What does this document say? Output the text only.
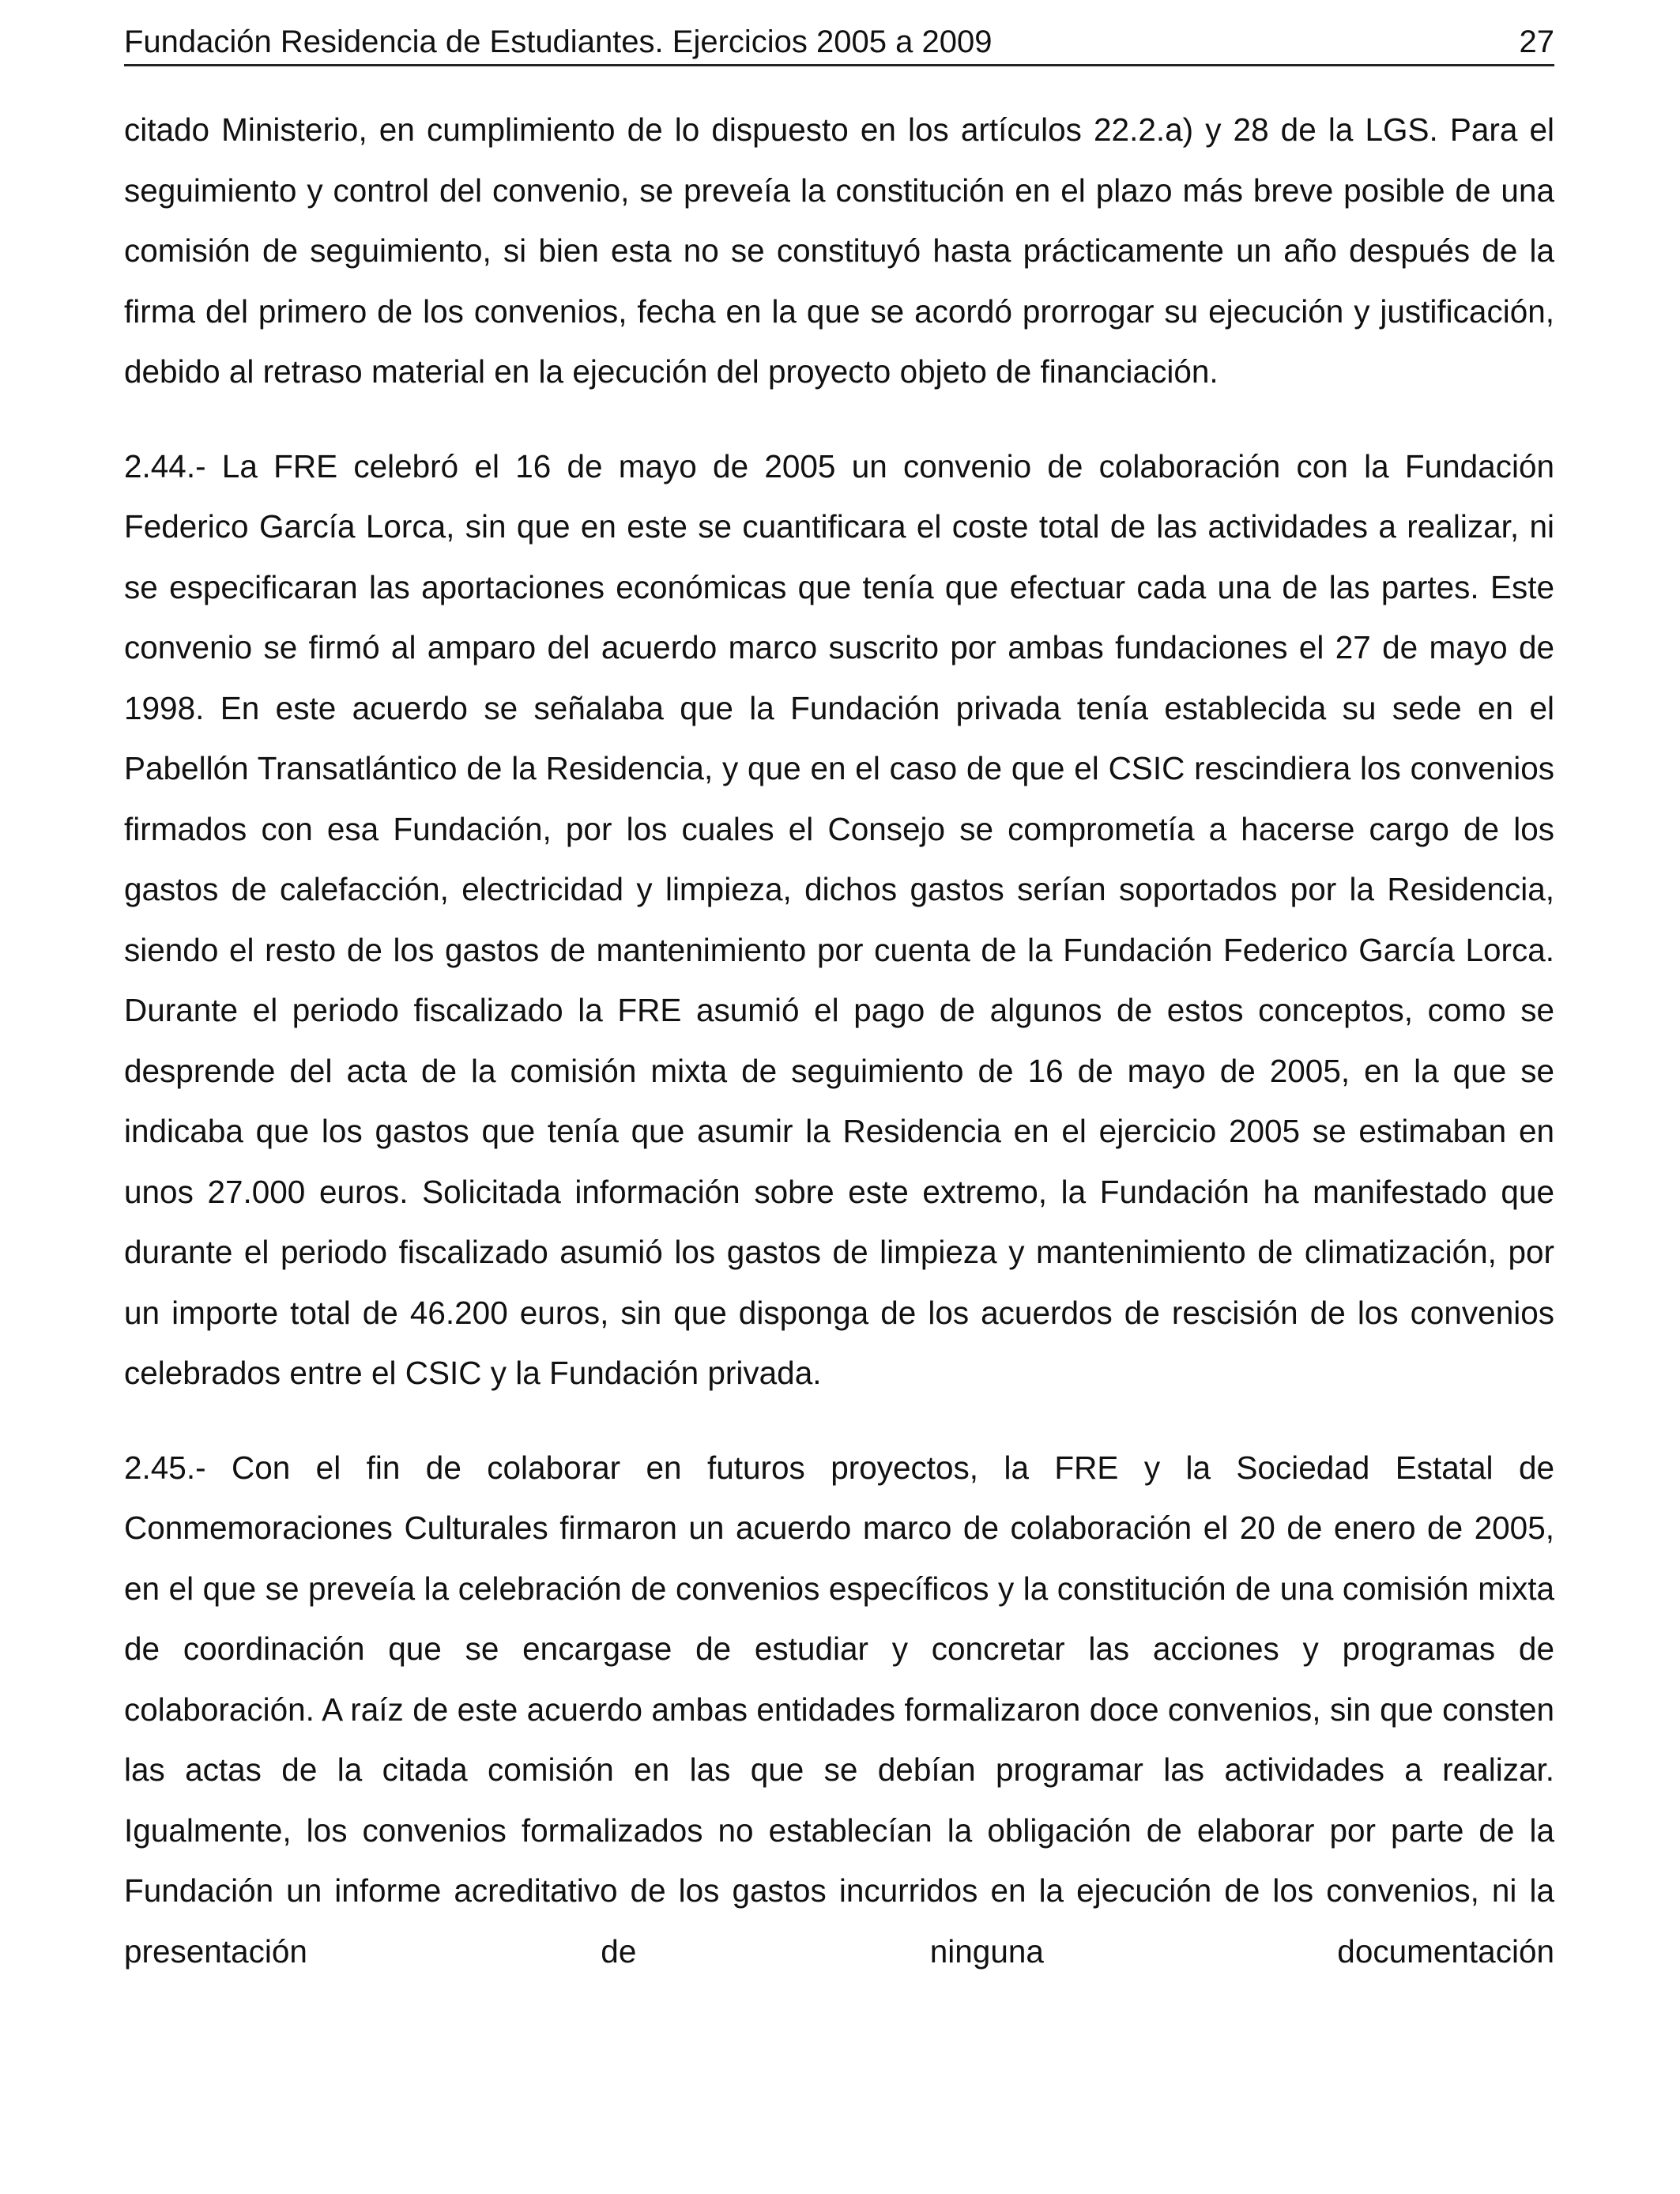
Fundación Residencia de Estudiantes. Ejercicios 2005 a 2009	27

citado Ministerio, en cumplimiento de lo dispuesto en los artículos 22.2.a) y 28 de la LGS. Para el seguimiento y control del convenio, se preveía la constitución en el plazo más breve posible de una comisión de seguimiento, si bien esta no se constituyó hasta prácticamente un año después de la firma del primero de los convenios, fecha en la que se acordó prorrogar su ejecución y justificación, debido al retraso material en la ejecución del proyecto objeto de financiación.

2.44.- La FRE celebró el 16 de mayo de 2005 un convenio de colaboración con la Fundación Federico García Lorca, sin que en este se cuantificara el coste total de las actividades a realizar, ni se especificaran las aportaciones económicas que tenía que efectuar cada una de las partes. Este convenio se firmó al amparo del acuerdo marco suscrito por ambas fundaciones el 27 de mayo de 1998. En este acuerdo se señalaba que la Fundación privada tenía establecida su sede en el Pabellón Transatlántico de la Residencia, y que en el caso de que el CSIC rescindiera los convenios firmados con esa Fundación, por los cuales el Consejo se comprometía a hacerse cargo de los gastos de calefacción, electricidad y limpieza, dichos gastos serían soportados por la Residencia, siendo el resto de los gastos de mantenimiento por cuenta de la Fundación Federico García Lorca. Durante el periodo fiscalizado la FRE asumió el pago de algunos de estos conceptos, como se desprende del acta de la comisión mixta de seguimiento de 16 de mayo de 2005, en la que se indicaba que los gastos que tenía que asumir la Residencia en el ejercicio 2005 se estimaban en unos 27.000 euros. Solicitada información sobre este extremo, la Fundación ha manifestado que durante el periodo fiscalizado asumió los gastos de limpieza y mantenimiento de climatización, por un importe total de 46.200 euros, sin que disponga de los acuerdos de rescisión de los convenios celebrados entre el CSIC y la Fundación privada.

2.45.- Con el fin de colaborar en futuros proyectos, la FRE y la Sociedad Estatal de Conmemoraciones Culturales firmaron un acuerdo marco de colaboración el 20 de enero de 2005, en el que se preveía la celebración de convenios específicos y la constitución de una comisión mixta de coordinación que se encargase de estudiar y concretar las acciones y programas de colaboración. A raíz de este acuerdo ambas entidades formalizaron doce convenios, sin que consten las actas de la citada comisión en las que se debían programar las actividades a realizar. Igualmente, los convenios formalizados no establecían la obligación de elaborar por parte de la Fundación un informe acreditativo de los gastos incurridos en la ejecución de los convenios, ni la presentación de ninguna documentación
